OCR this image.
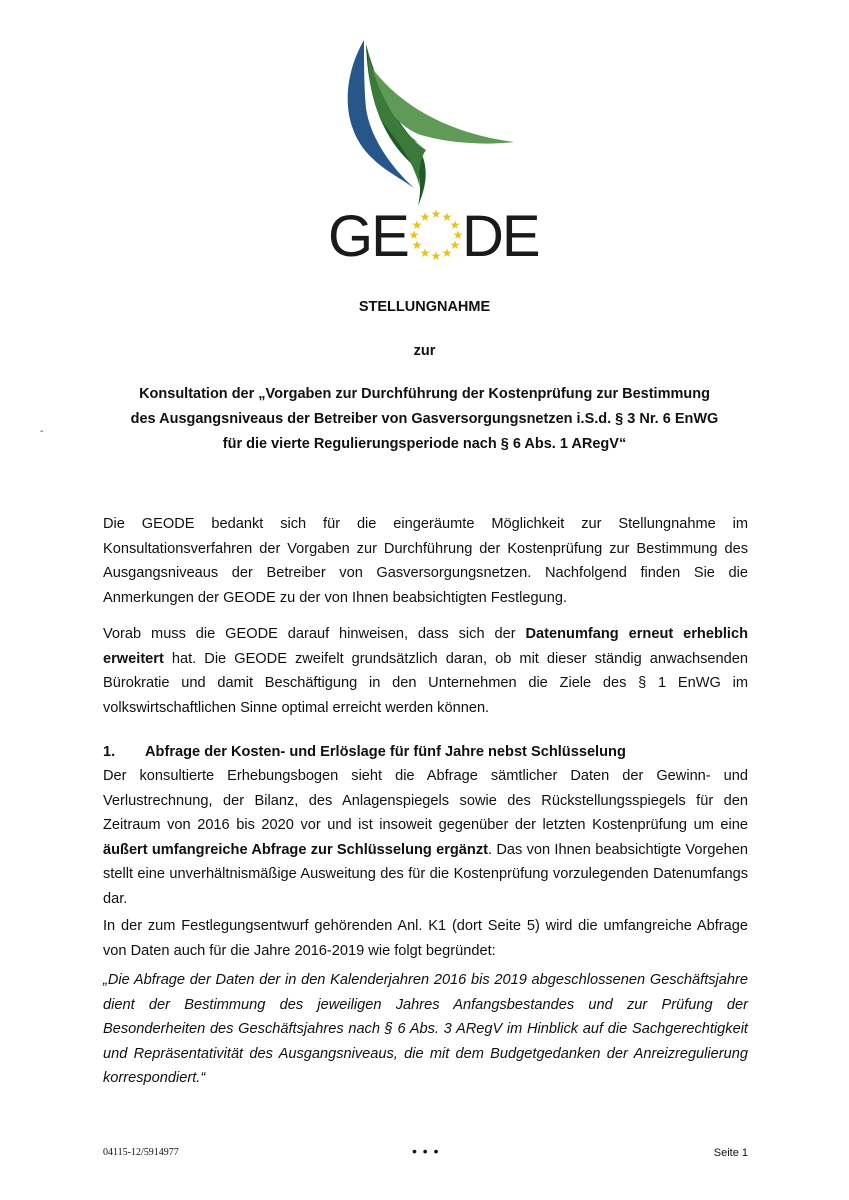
GE ★ ★
★
★
★
★
★
★
★
★
★
★ DE
STELLUNGNAHME
zur
Konsultation der „Vorgaben zur Durchführung der Kostenprüfung zur Bestimmung
des Ausgangsniveaus der Betreiber von Gasversorgungsnetzen i.S.d. § 3 Nr. 6 EnWG
für die vierte Regulierungsperiode nach § 6 Abs. 1 ARegV“
-

Die GEODE bedankt sich für die eingeräumte Möglichkeit zur Stellungnahme im Konsultationsverfahren der Vorgaben zur Durchführung der Kostenprüfung zur Bestimmung des Ausgangsniveaus der Betreiber von Gasversorgungsnetzen. Nachfolgend finden Sie die Anmerkungen der GEODE zu der von Ihnen beabsichtigten Festlegung.

Vorab muss die GEODE darauf hinweisen, dass sich der Datenumfang erneut erheblich erweitert hat. Die GEODE zweifelt grundsätzlich daran, ob mit dieser ständig anwachsenden Bürokratie und damit Beschäftigung in den Unternehmen die Ziele des § 1 EnWG im volkswirtschaftlichen Sinne optimal erreicht werden können.

1. Abfrage der Kosten- und Erlöslage für fünf Jahre nebst Schlüsselung

Der konsultierte Erhebungsbogen sieht die Abfrage sämtlicher Daten der Gewinn- und Verlustrechnung, der Bilanz, des Anlagenspiegels sowie des Rückstellungsspiegels für den Zeitraum von 2016 bis 2020 vor und ist insoweit gegenüber der letzten Kostenprüfung um eine äußert umfangreiche Abfrage zur Schlüsselung ergänzt. Das von Ihnen beabsichtigte Vorgehen stellt eine unverhältnismäßige Ausweitung des für die Kostenprüfung vorzulegenden Datenumfangs dar.

In der zum Festlegungsentwurf gehörenden Anl. K1 (dort Seite 5) wird die umfangreiche Abfrage von Daten auch für die Jahre 2016-2019 wie folgt begründet:

„Die Abfrage der Daten der in den Kalenderjahren 2016 bis 2019 abgeschlossenen Geschäftsjahre dient der Bestimmung des jeweiligen Jahres Anfangsbestandes und zur Prüfung der Besonderheiten des Geschäftsjahres nach § 6 Abs. 3 ARegV im Hinblick auf die Sachgerechtigkeit und Repräsentativität des Ausgangsniveaus, die mit dem Budgetgedanken der Anreizregulierung korrespondiert.“

04115-12/5914977	• • •	Seite 1
